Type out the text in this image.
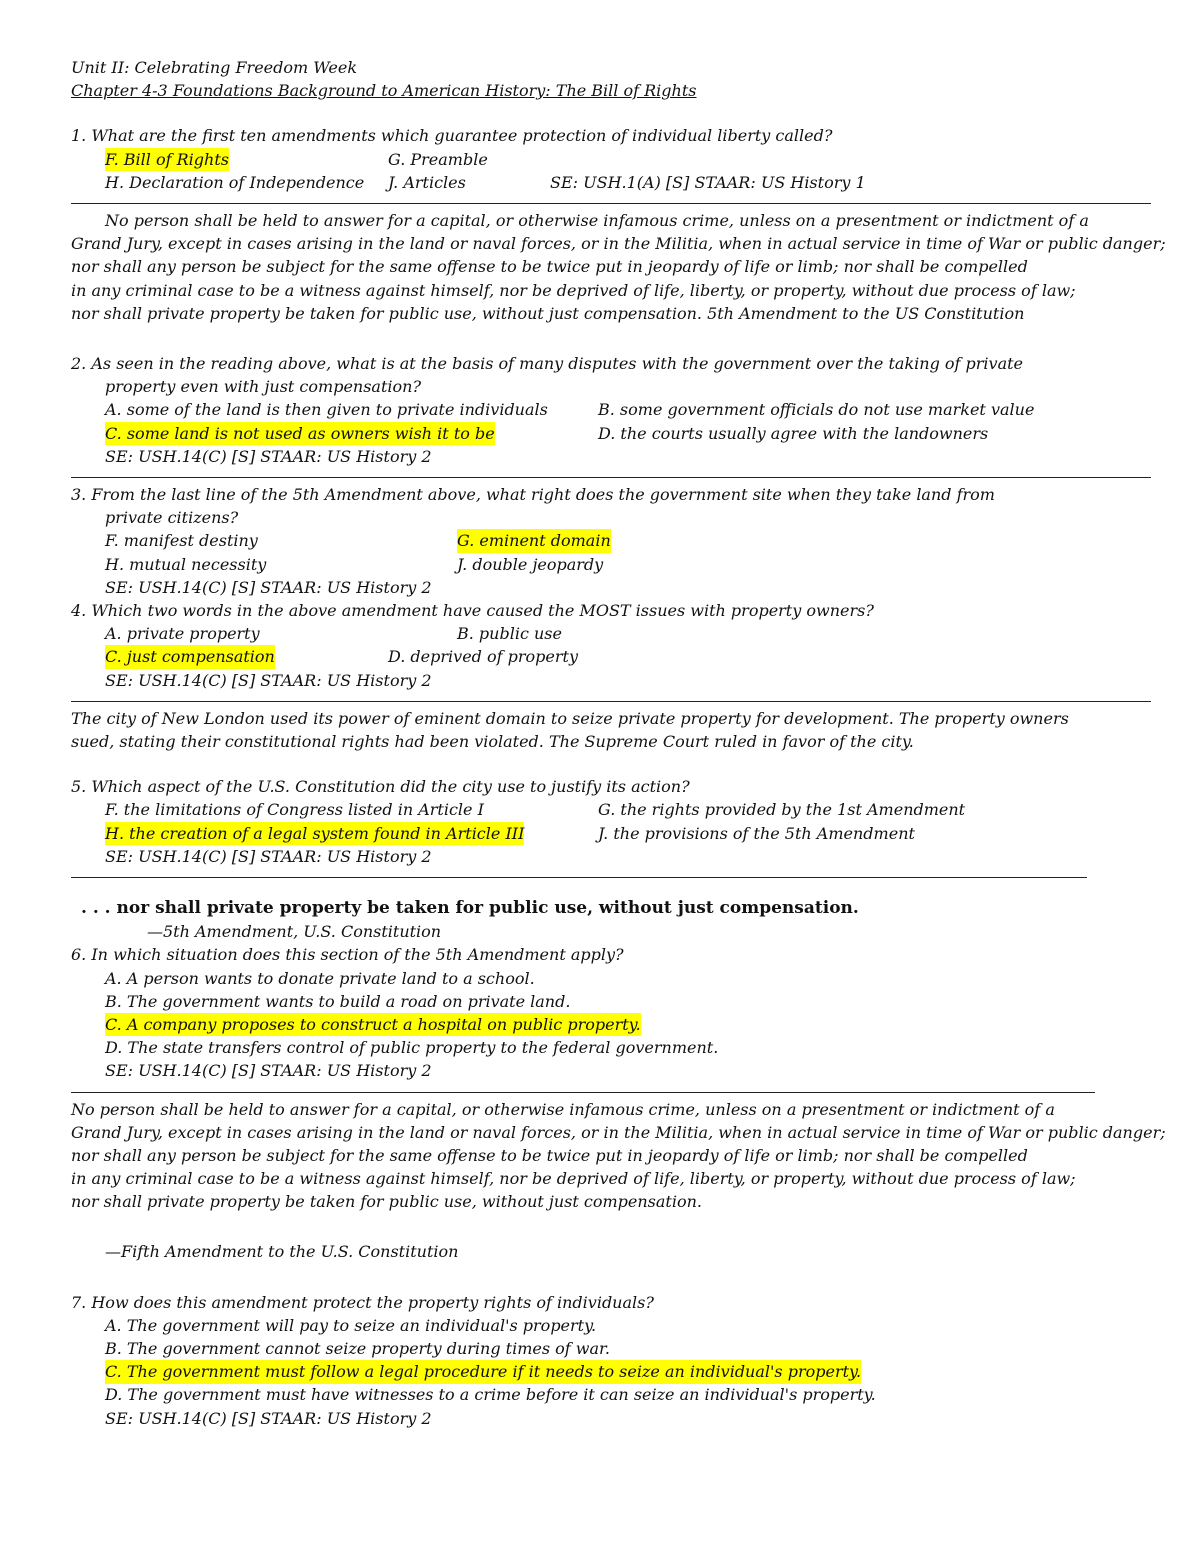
Unit II: Celebrating Freedom Week
Chapter 4-3 Foundations Background to American History: The Bill of Rights
1. What are the first ten amendments which guarantee protection of individual liberty called?
F. Bill of Rights	G. Preamble
H. Declaration of Independence J. Articles	SE: USH.1(A) [S] STAAR: US History 1
No person shall be held to answer for a capital, or otherwise infamous crime, unless on a presentment or indictment of a
Grand Jury, except in cases arising in the land or naval forces, or in the Militia, when in actual service in time of War or public danger;
nor shall any person be subject for the same offense to be twice put in jeopardy of life or limb; nor shall be compelled
in any criminal case to be a witness against himself, nor be deprived of life, liberty, or property, without due process of law;
nor shall private property be taken for public use, without just compensation. 5th Amendment to the US Constitution
2. As seen in the reading above, what is at the basis of many disputes with the government over the taking of private
property even with just compensation?
A. some of the land is then given to private individuals	B. some government officials do not use market value
C. some land is not used as owners wish it to be	D. the courts usually agree with the landowners
SE: USH.14(C) [S] STAAR: US History 2
3. From the last line of the 5th Amendment above, what right does the government site when they take land from
private citizens?
F. manifest destiny	G. eminent domain
H. mutual necessity	J. double jeopardy
SE: USH.14(C) [S] STAAR: US History 2
4. Which two words in the above amendment have caused the MOST issues with property owners?
A. private property	B. public use
C. just compensation	D. deprived of property
SE: USH.14(C) [S] STAAR: US History 2
The city of New London used its power of eminent domain to seize private property for development. The property owners
sued, stating their constitutional rights had been violated. The Supreme Court ruled in favor of the city.
5. Which aspect of the U.S. Constitution did the city use to justify its action?
F. the limitations of Congress listed in Article I	G. the rights provided by the 1st Amendment
H. the creation of a legal system found in Article III	J. the provisions of the 5th Amendment
SE: USH.14(C) [S] STAAR: US History 2
. . . nor shall private property be taken for public use, without just compensation.
—5th Amendment, U.S. Constitution
6. In which situation does this section of the 5th Amendment apply?
A. A person wants to donate private land to a school.
B. The government wants to build a road on private land.
C. A company proposes to construct a hospital on public property.
D. The state transfers control of public property to the federal government.
SE: USH.14(C) [S] STAAR: US History 2
No person shall be held to answer for a capital, or otherwise infamous crime, unless on a presentment or indictment of a
Grand Jury, except in cases arising in the land or naval forces, or in the Militia, when in actual service in time of War or public danger;
nor shall any person be subject for the same offense to be twice put in jeopardy of life or limb; nor shall be compelled
in any criminal case to be a witness against himself, nor be deprived of life, liberty, or property, without due process of law;
nor shall private property be taken for public use, without just compensation.
—Fifth Amendment to the U.S. Constitution
7. How does this amendment protect the property rights of individuals?
A. The government will pay to seize an individual's property.
B. The government cannot seize property during times of war.
C. The government must follow a legal procedure if it needs to seize an individual's property.
D. The government must have witnesses to a crime before it can seize an individual's property.
SE: USH.14(C) [S] STAAR: US History 2
